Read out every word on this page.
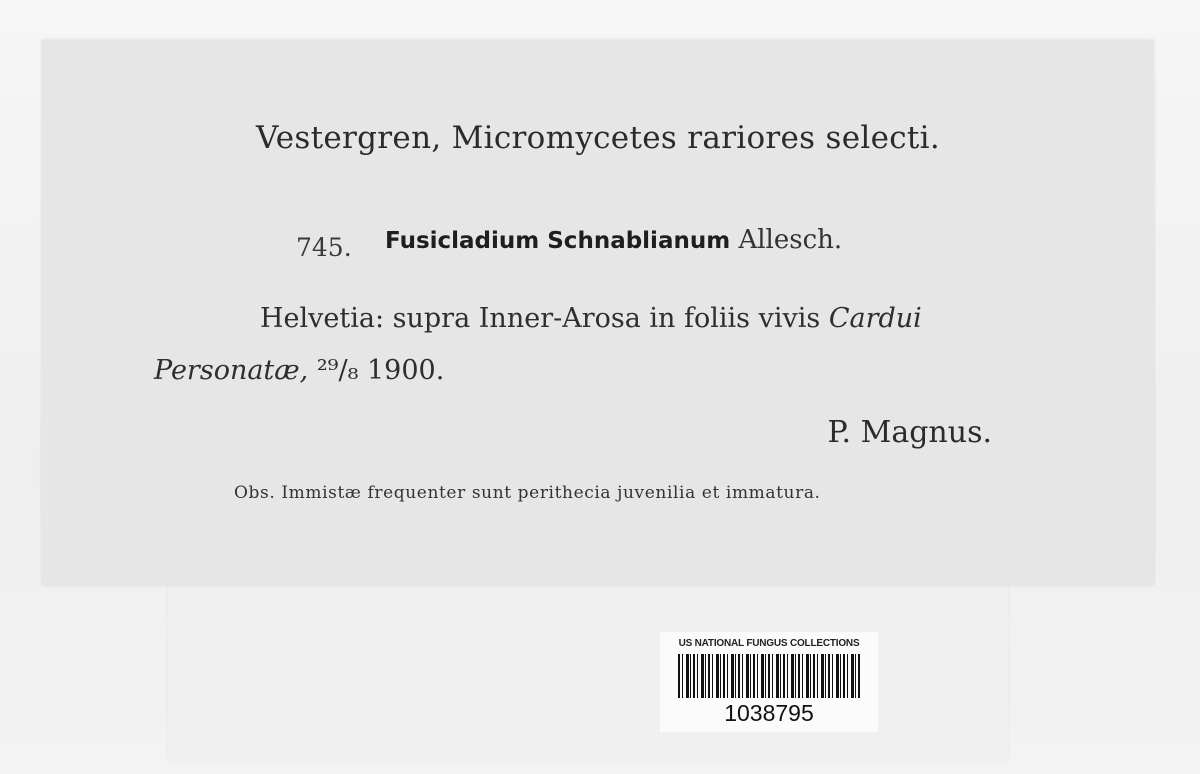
Vestergren, Micromycetes rariores selecti.
745. Fusicladium Schnablianum Allesch.
Helvetia: supra Inner-Arosa in foliis vivis Cardui
Personatæ, ²⁹/₈ 1900.
P. Magnus.
Obs. Immistæ frequenter sunt perithecia juvenilia et immatura.
US NATIONAL FUNGUS COLLECTIONS
1038795
